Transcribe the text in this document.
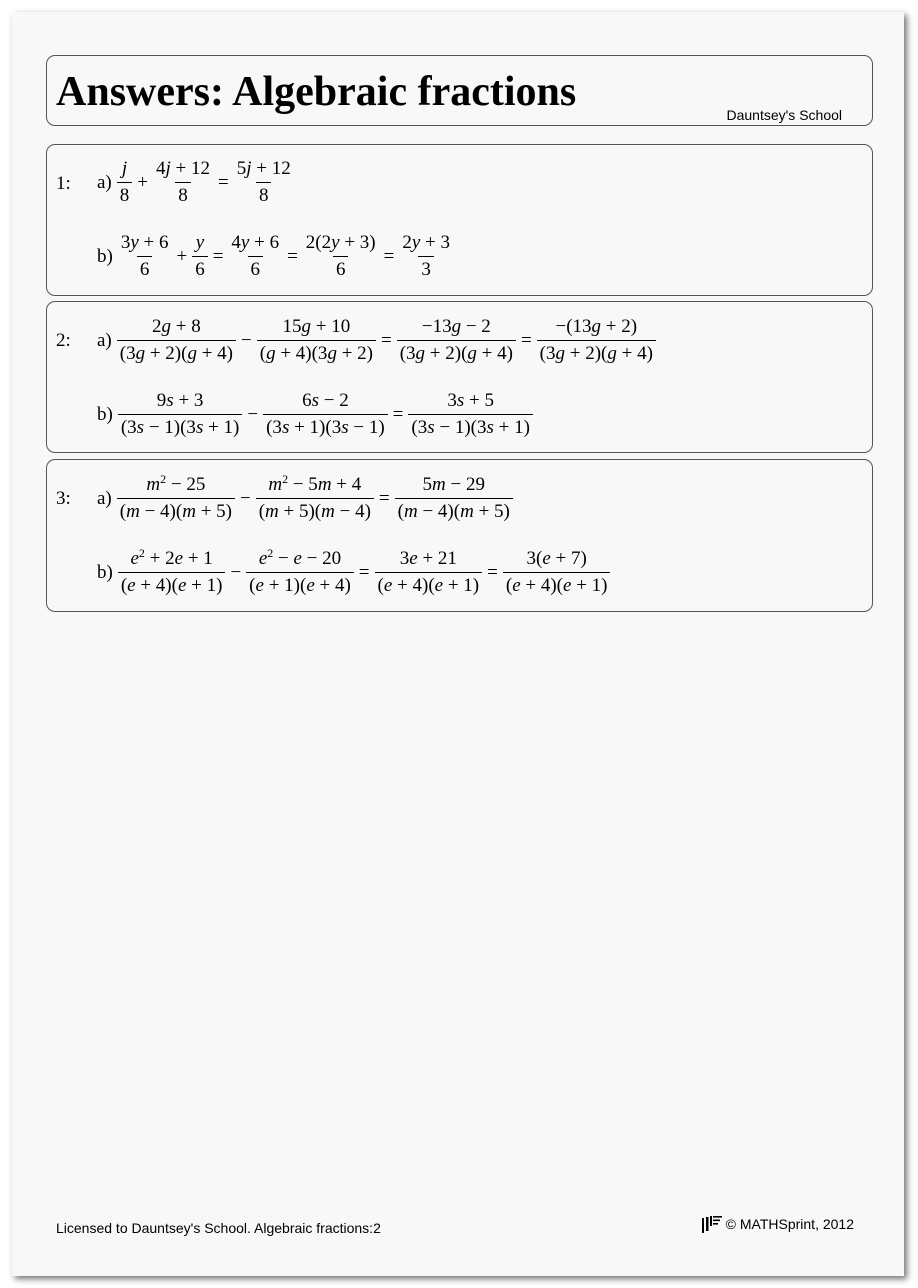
Answers: Algebraic fractions	Dauntsey's School
1: $a) \frac{j}{8} + \frac{4j + 12}{8} = \frac{5j + 12}{8}$
$b) \frac{3y + 6}{6} + \frac{y}{6} = \frac{4y + 6}{6} = \frac{2(2y + 3)}{6} = \frac{2y + 3}{3}$
2: $a) \frac{2g + 8}{(3g + 2)(g + 4)} - \frac{15g + 10}{(g + 4)(3g + 2)} = \frac{-13g - 2}{(3g + 2)(g + 4)} = \frac{-(13g + 2)}{(3g + 2)(g + 4)}$
$b) \frac{9s + 3}{(3s - 1)(3s + 1)} - \frac{6s - 2}{(3s + 1)(3s - 1)} = \frac{3s + 5}{(3s - 1)(3s + 1)}$
3: $a) \frac{m^2 - 25}{(m - 4)(m + 5)} - \frac{m^2 - 5m + 4}{(m + 5)(m - 4)} = \frac{5m - 29}{(m - 4)(m + 5)}$
$b) \frac{e^2 + 2e + 1}{(e + 4)(e + 1)} - \frac{e^2 - e - 20}{(e + 1)(e + 4)} = \frac{3e + 21}{(e + 4)(e + 1)} = \frac{3(e + 7)}{(e + 4)(e + 1)}$
Licensed to Dauntsey's School. Algebraic fractions:2	© MATHSprint, 2012
